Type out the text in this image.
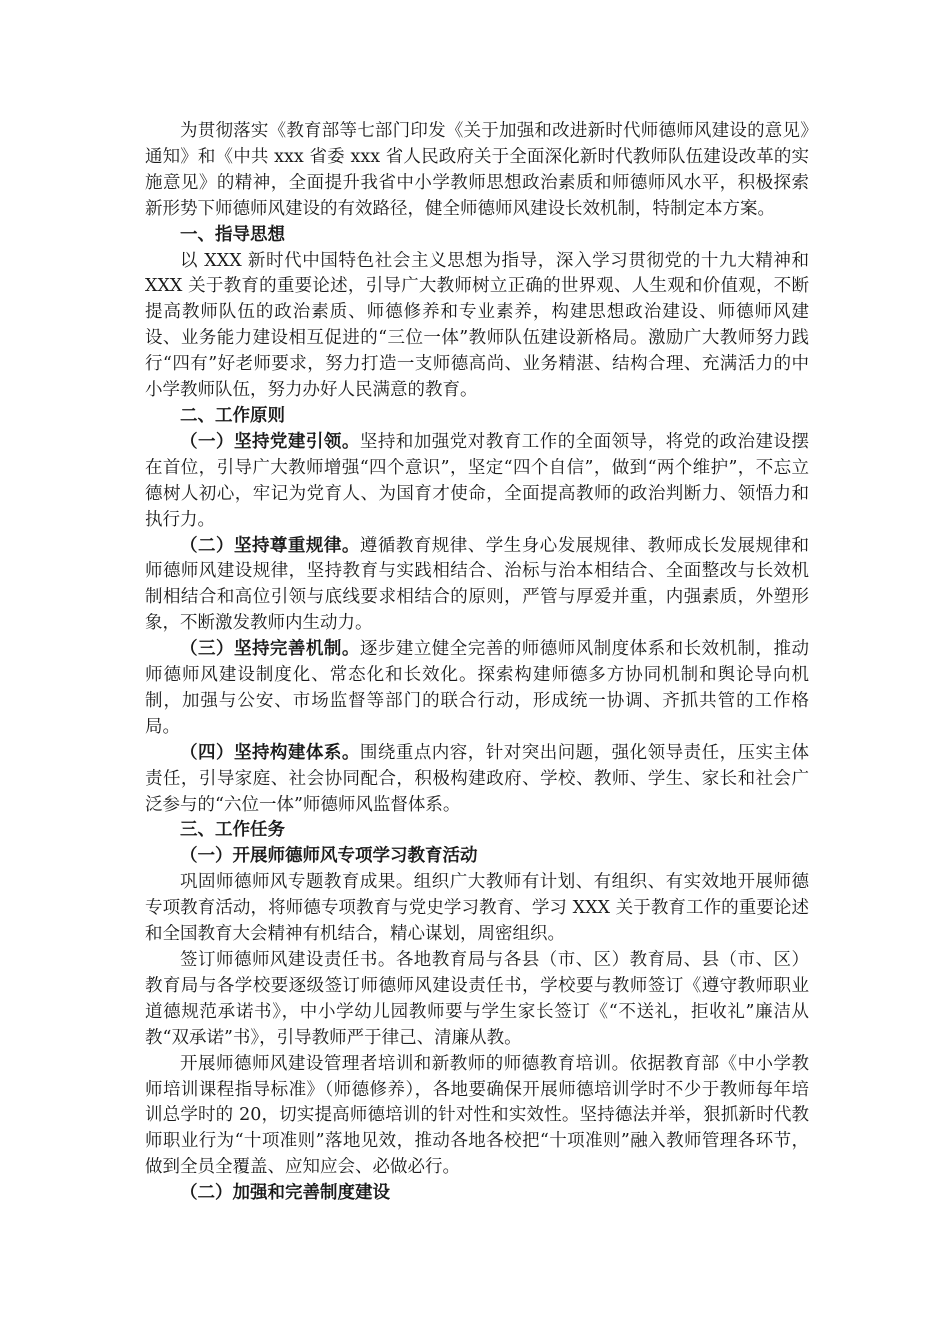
为贯彻落实《教育部等七部门印发《关于加强和改进新时代师德师风建设的意见》通知》和《中共 xxx 省委 xxx 省人民政府关于全面深化新时代教师队伍建设改革的实施意见》的精神，全面提升我省中小学教师思想政治素质和师德师风水平，积极探索新形势下师德师风建设的有效路径，健全师德师风建设长效机制，特制定本方案。

一、指导思想

以 XXX 新时代中国特色社会主义思想为指导，深入学习贯彻党的十九大精神和 XXX 关于教育的重要论述，引导广大教师树立正确的世界观、人生观和价值观，不断提高教师队伍的政治素质、师德修养和专业素养，构建思想政治建设、师德师风建设、业务能力建设相互促进的“三位一体”教师队伍建设新格局。激励广大教师努力践行“四有”好老师要求，努力打造一支师德高尚、业务精湛、结构合理、充满活力的中小学教师队伍，努力办好人民满意的教育。

二、工作原则

（一）坚持党建引领。坚持和加强党对教育工作的全面领导，将党的政治建设摆在首位，引导广大教师增强“四个意识”，坚定“四个自信”，做到“两个维护”，不忘立德树人初心，牢记为党育人、为国育才使命，全面提高教师的政治判断力、领悟力和执行力。

（二）坚持尊重规律。遵循教育规律、学生身心发展规律、教师成长发展规律和师德师风建设规律，坚持教育与实践相结合、治标与治本相结合、全面整改与长效机制相结合和高位引领与底线要求相结合的原则，严管与厚爱并重，内强素质，外塑形象，不断激发教师内生动力。

（三）坚持完善机制。逐步建立健全完善的师德师风制度体系和长效机制，推动师德师风建设制度化、常态化和长效化。探索构建师德多方协同机制和舆论导向机制，加强与公安、市场监督等部门的联合行动，形成统一协调、齐抓共管的工作格局。

（四）坚持构建体系。围绕重点内容，针对突出问题，强化领导责任，压实主体责任，引导家庭、社会协同配合，积极构建政府、学校、教师、学生、家长和社会广泛参与的“六位一体”师德师风监督体系。

三、工作任务

（一）开展师德师风专项学习教育活动

巩固师德师风专题教育成果。组织广大教师有计划、有组织、有实效地开展师德专项教育活动，将师德专项教育与党史学习教育、学习 XXX 关于教育工作的重要论述和全国教育大会精神有机结合，精心谋划，周密组织。

签订师德师风建设责任书。各地教育局与各县（市、区）教育局、县（市、区）教育局与各学校要逐级签订师德师风建设责任书，学校要与教师签订《遵守教师职业道德规范承诺书》，中小学幼儿园教师要与学生家长签订《“不送礼，拒收礼”廉洁从教“双承诺”书》，引导教师严于律己、清廉从教。

开展师德师风建设管理者培训和新教师的师德教育培训。依据教育部《中小学教师培训课程指导标准》（师德修养），各地要确保开展师德培训学时不少于教师每年培训总学时的 20，切实提高师德培训的针对性和实效性。坚持德法并举，狠抓新时代教师职业行为“十项准则”落地见效，推动各地各校把“十项准则”融入教师管理各环节，做到全员全覆盖、应知应会、必做必行。

（二）加强和完善制度建设
